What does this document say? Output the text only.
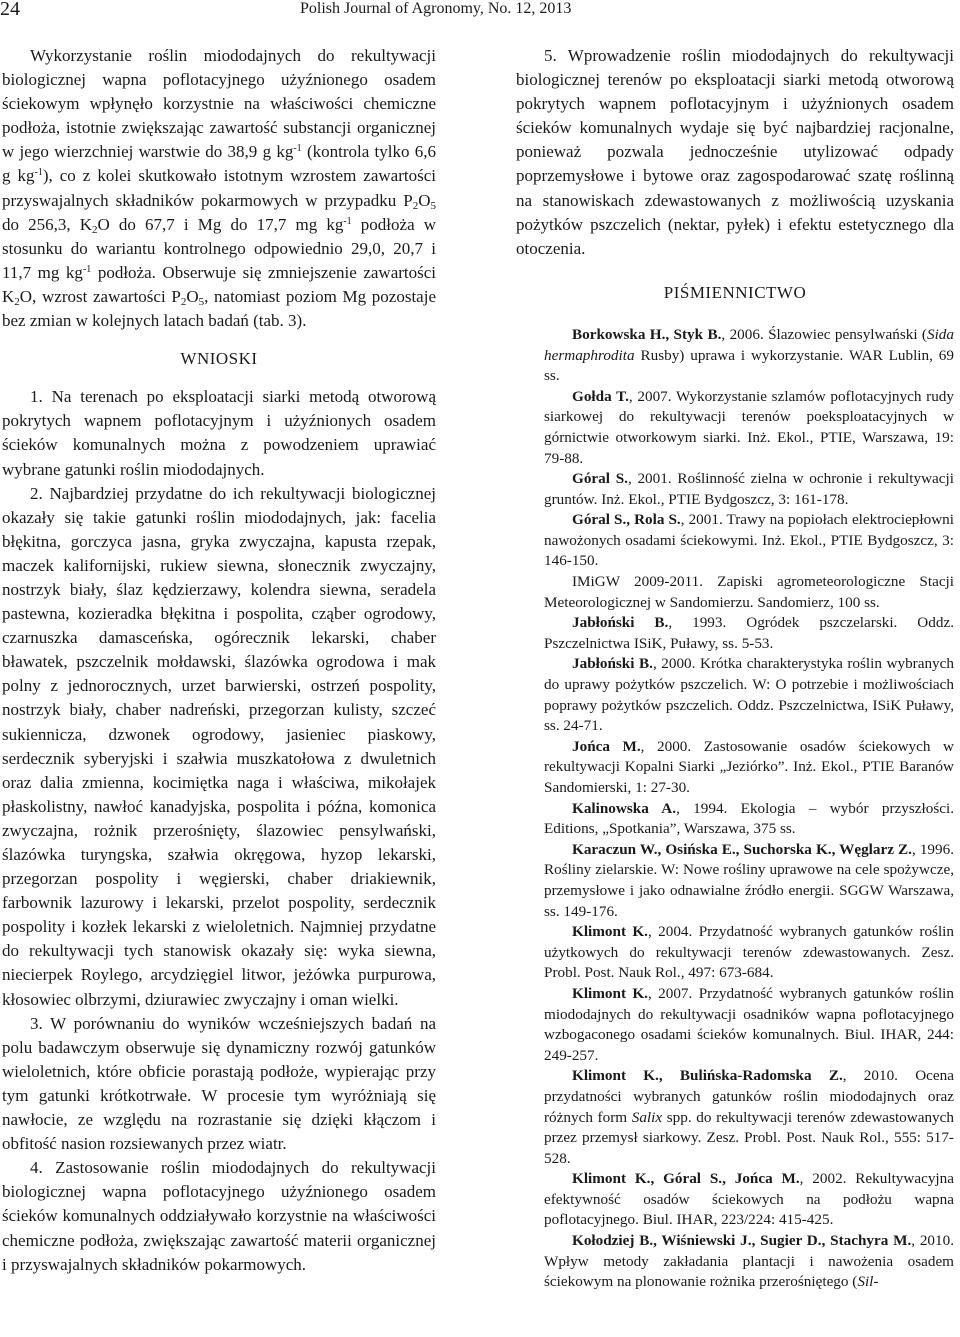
24	Polish Journal of Agronomy, No. 12, 2013

Wykorzystanie roślin miododajnych do rekultywacji biologicznej wapna poflotacyjnego użyźnionego osadem ściekowym wpłynęło korzystnie na właściwości chemiczne podłoża, istotnie zwiększając zawartość substancji organicznej w jego wierzchniej warstwie do 38,9 g $kg^{-1}$ (kontrola tylko 6,6 g $kg^{-1}$), co z kolei skutkowało istotnym wzrostem zawartości przyswajalnych składników pokarmowych w przypadku $P_2O_5$ do 256,3, $K_2O$ do 67,7 i Mg do 17,7 mg $kg^{-1}$ podłoża w stosunku do wariantu kontrolnego odpowiednio 29,0, 20,7 i 11,7 mg $kg^{-1}$ podłoża. Obserwuje się zmniejszenie zawartości $K_2O$, wzrost zawartości $P_2O_5$, natomiast poziom Mg pozostaje bez zmian w kolejnych latach badań (tab. 3).

WNIOSKI

1. Na terenach po eksploatacji siarki metodą otworową pokrytych wapnem poflotacyjnym i użyźnionych osadem ścieków komunalnych można z powodzeniem uprawiać wybrane gatunki roślin miododajnych.

2. Najbardziej przydatne do ich rekultywacji biologicznej okazały się takie gatunki roślin miododajnych, jak: facelia błękitna, gorczyca jasna, gryka zwyczajna, kapusta rzepak, maczek kalifornijski, rukiew siewna, słonecznik zwyczajny, nostrzyk biały, ślaz kędzierzawy, kolendra siewna, seradela pastewna, kozieradka błękitna i pospolita, cząber ogrodowy, czarnuszka damasceńska, ogórecznik lekarski, chaber bławatek, pszczelnik mołdawski, ślazówka ogrodowa i mak polny z jednorocznych, urzet barwierski, ostrzeń pospolity, nostrzyk biały, chaber nadreński, przegorzan kulisty, szczeć sukiennicza, dzwonek ogrodowy, jasieniec piaskowy, serdecznik syberyjski i szałwia muszkatołowa z dwuletnich oraz dalia zmienna, kocimiętka naga i właściwa, mikołajek płaskolistny, nawłoć kanadyjska, pospolita i późna, komonica zwyczajna, rożnik przerośnięty, ślazowiec pensylwański, ślazówka turyngska, szałwia okręgowa, hyzop lekarski, przegorzan pospolity i węgierski, chaber driakiewnik, farbownik lazurowy i lekarski, przelot pospolity, serdecznik pospolity i kozłek lekarski z wieloletnich. Najmniej przydatne do rekultywacji tych stanowisk okazały się: wyka siewna, niecierpek Roylego, arcydzięgiel litwor, jeżówka purpurowa, kłosowiec olbrzymi, dziurawiec zwyczajny i oman wielki.

3. W porównaniu do wyników wcześniejszych badań na polu badawczym obserwuje się dynamiczny rozwój gatunków wieloletnich, które obficie porastają podłoże, wypierając przy tym gatunki krótkotrwałe. W procesie tym wyróżniają się nawłocie, ze względu na rozrastanie się dzięki kłączom i obfitość nasion rozsiewanych przez wiatr.

4. Zastosowanie roślin miododajnych do rekultywacji biologicznej wapna poflotacyjnego użyźnionego osadem ścieków komunalnych oddziaływało korzystnie na właściwości chemiczne podłoża, zwiększając zawartość materii organicznej i przyswajalnych składników pokarmowych.

5. Wprowadzenie roślin miododajnych do rekultywacji biologicznej terenów po eksploatacji siarki metodą otworową pokrytych wapnem poflotacyjnym i użyźnionych osadem ścieków komunalnych wydaje się być najbardziej racjonalne, ponieważ pozwala jednocześnie utylizować odpady poprzemysłowe i bytowe oraz zagospodarować szatę roślinną na stanowiskach zdewastowanych z możliwością uzyskania pożytków pszczelich (nektar, pyłek) i efektu estetycznego dla otoczenia.

PIŚMIENNICTWO

Borkowska H., Styk B., 2006. Ślazowiec pensylwański (Sida hermaphrodita Rusby) uprawa i wykorzystanie. WAR Lublin, 69 ss.

Gołda T., 2007. Wykorzystanie szlamów poflotacyjnych rudy siarkowej do rekultywacji terenów poeksploatacyjnych w górnictwie otworkowym siarki. Inż. Ekol., PTIE, Warszawa, 19: 79-88.

Góral S., 2001. Roślinność zielna w ochronie i rekultywacji gruntów. Inż. Ekol., PTIE Bydgoszcz, 3: 161-178.

Góral S., Rola S., 2001. Trawy na popiołach elektrociepłowni nawożonych osadami ściekowymi. Inż. Ekol., PTIE Bydgoszcz, 3: 146-150.

IMiGW 2009-2011. Zapiski agrometeorologiczne Stacji Meteorologicznej w Sandomierzu. Sandomierz, 100 ss.

Jabłoński B., 1993. Ogródek pszczelarski. Oddz. Pszczelnictwa ISiK, Puławy, ss. 5-53.

Jabłoński B., 2000. Krótka charakterystyka roślin wybranych do uprawy pożytków pszczelich. W: O potrzebie i możliwościach poprawy pożytków pszczelich. Oddz. Pszczelnictwa, ISiK Puławy, ss. 24-71.

Jońca M., 2000. Zastosowanie osadów ściekowych w rekultywacji Kopalni Siarki „Jeziórko”. Inż. Ekol., PTIE Baranów Sandomierski, 1: 27-30.

Kalinowska A., 1994. Ekologia – wybór przyszłości. Editions, „Spotkania”, Warszawa, 375 ss.

Karaczun W., Osińska E., Suchorska K., Węglarz Z., 1996. Rośliny zielarskie. W: Nowe rośliny uprawowe na cele spożywcze, przemysłowe i jako odnawialne źródło energii. SGGW Warszawa, ss. 149-176.

Klimont K., 2004. Przydatność wybranych gatunków roślin użytkowych do rekultywacji terenów zdewastowanych. Zesz. Probl. Post. Nauk Rol., 497: 673-684.

Klimont K., 2007. Przydatność wybranych gatunków roślin miododajnych do rekultywacji osadników wapna poflotacyjnego wzbogaconego osadami ścieków komunalnych. Biul. IHAR, 244: 249-257.

Klimont K., Bulińska-Radomska Z., 2010. Ocena przydatności wybranych gatunków roślin miododajnych oraz różnych form Salix spp. do rekultywacji terenów zdewastowanych przez przemysł siarkowy. Zesz. Probl. Post. Nauk Rol., 555: 517-528.

Klimont K., Góral S., Jońca M., 2002. Rekultywacyjna efektywność osadów ściekowych na podłożu wapna poflotacyjnego. Biul. IHAR, 223/224: 415-425.

Kołodziej B., Wiśniewski J., Sugier D., Stachyra M., 2010. Wpływ metody zakładania plantacji i nawożenia osadem ściekowym na plonowanie rożnika przerośniętego (Sil-
